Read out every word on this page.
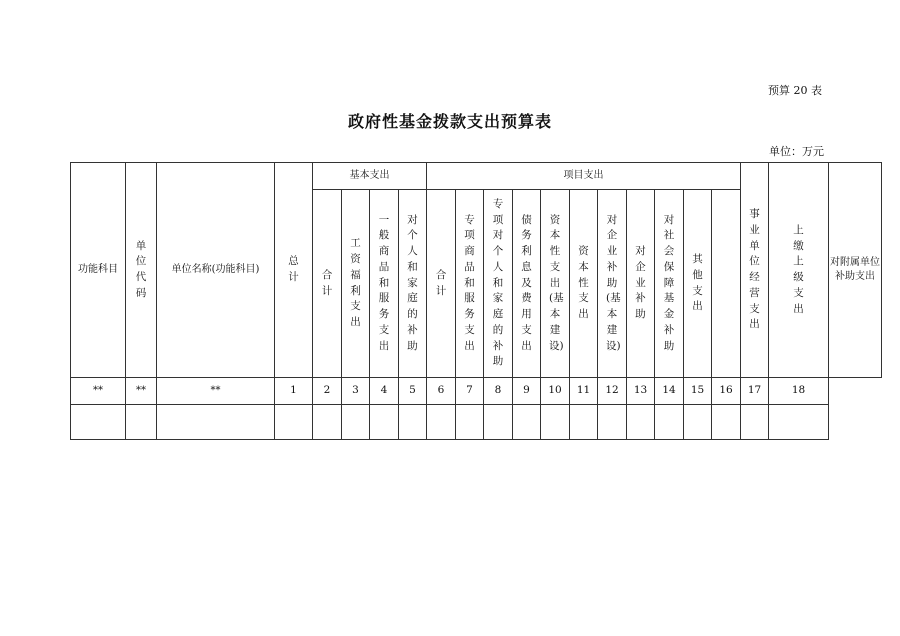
预算 20 表
政府性基金拨款支出预算表
单位：万元
功能科目	单位代码	单位名称(功能科目)	总计	基本支出				项目支出											事业单位经营支出	上缴上级支出	对附属单位补助支出
				合计	工资福利支出	一般商品和服务支出	对个人和家庭的补助	合计	专项商品和服务支出	专项对个人和家庭的补助	债务利息及费用支出	资本性支出(基本建设)	资本性支出	对企业补助(基本建设)	对企业补助	对社会保障基金补助	其他支出				
**	**	**	1	2	3	4	5	6	7	8	9	10	11	12	13	14	15	16	17	18	
